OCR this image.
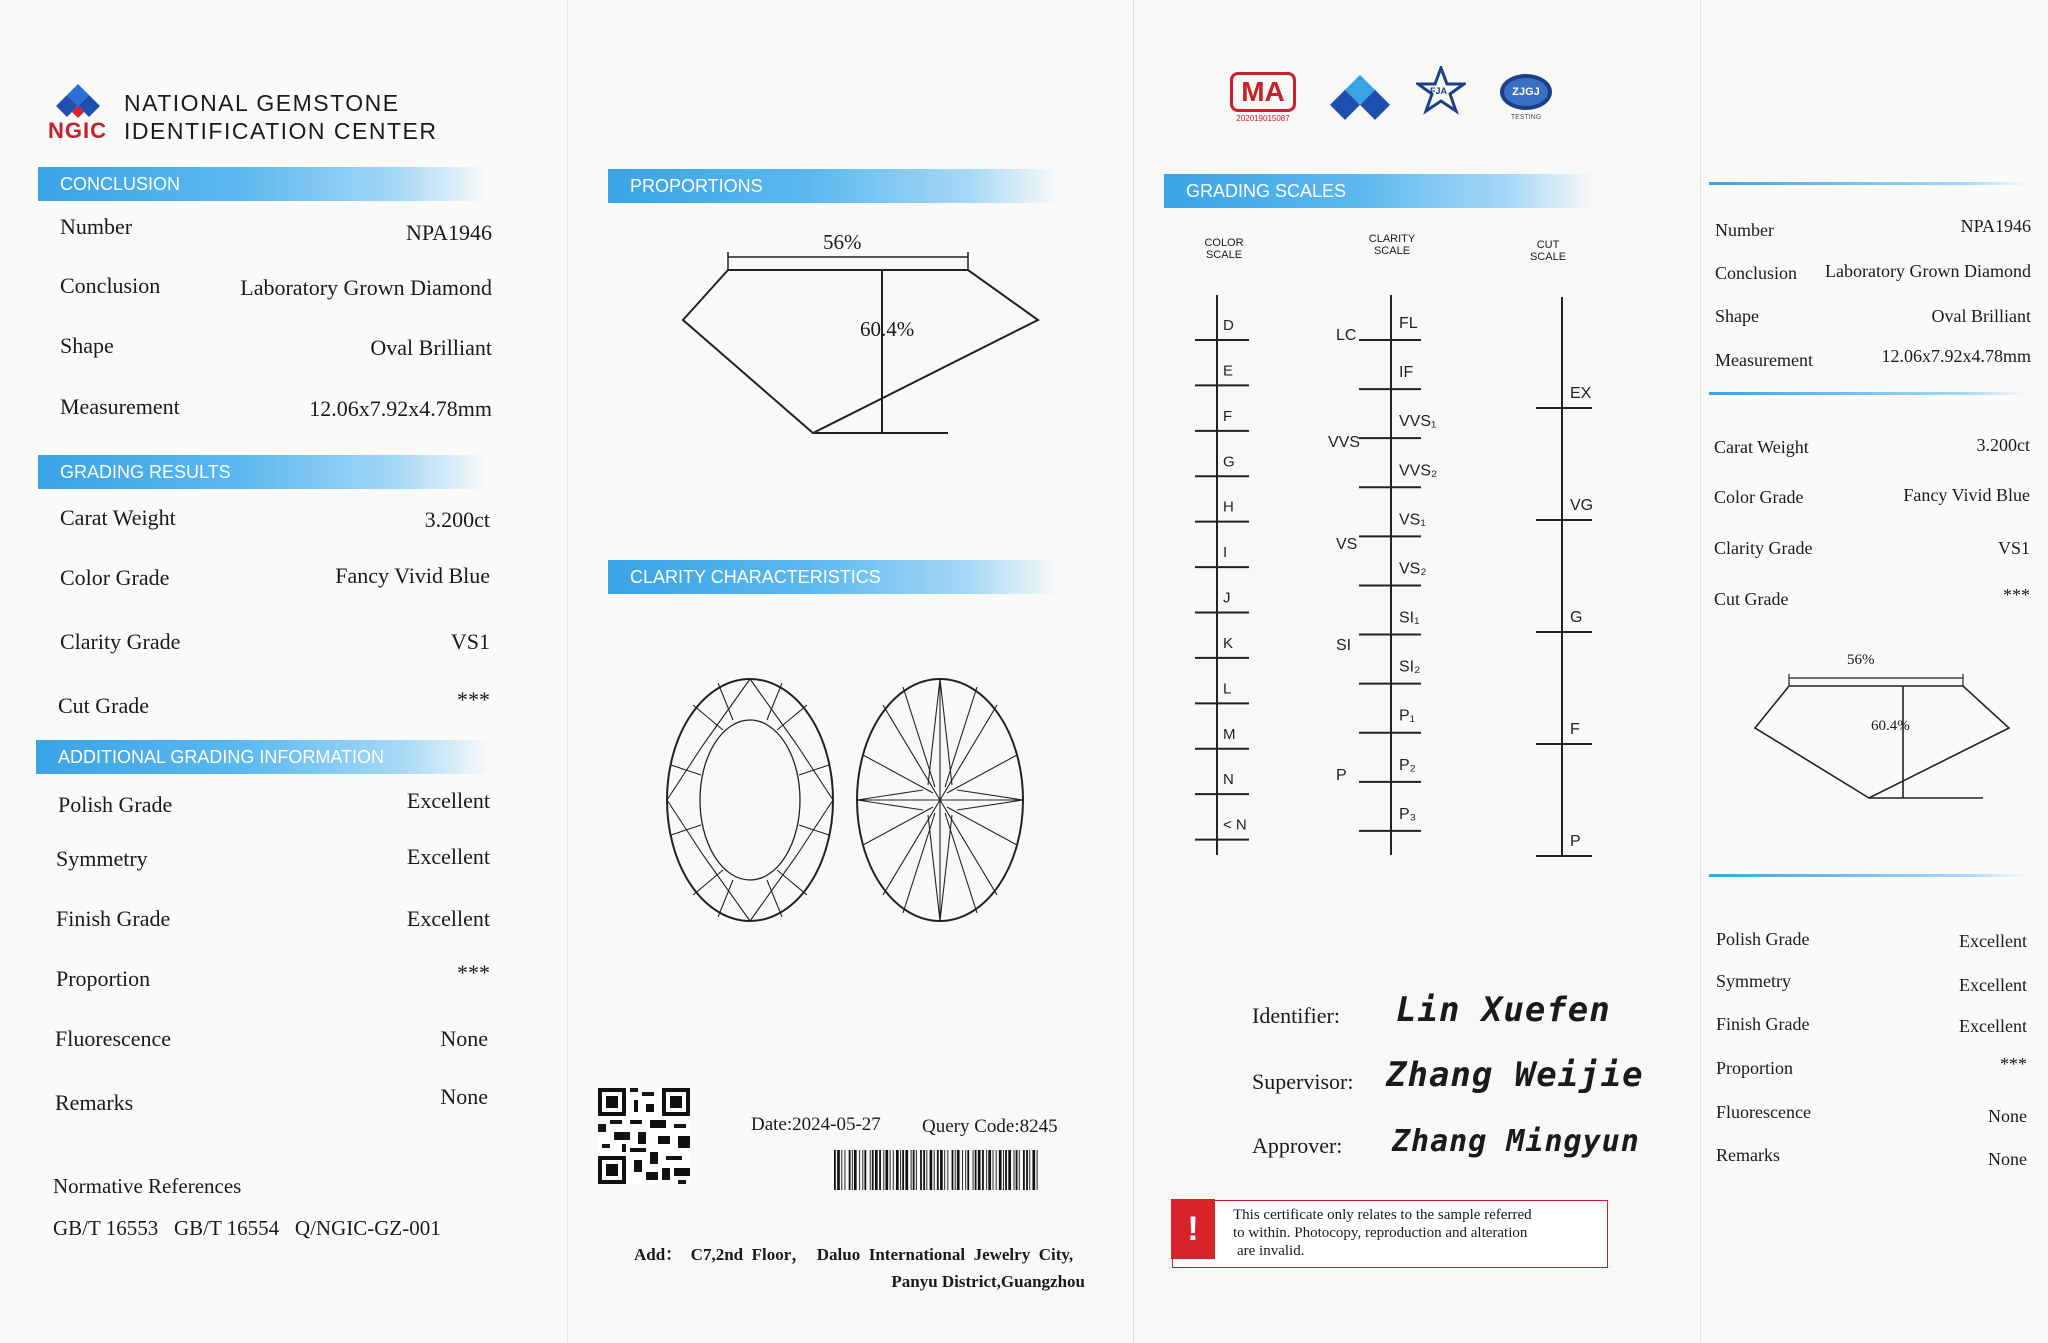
NGIC
NATIONAL GEMSTONE
IDENTIFICATION CENTER
CONCLUSION
Number	NPA1946
Conclusion	Laboratory Grown Diamond
Shape	Oval Brilliant
Measurement	12.06x7.92x4.78mm
GRADING RESULTS
Carat Weight	3.200ct
Color Grade	Fancy Vivid Blue
Clarity Grade	VS1
Cut Grade	***
ADDITIONAL GRADING INFORMATION
Polish Grade	Excellent
Symmetry	Excellent
Finish Grade	Excellent
Proportion	***
Fluorescence	None
Remarks	None
Normative References
GB/T 16553   GB/T 16554   Q/NGIC-GZ-001
PROPORTIONS
56%
60.4%
CLARITY CHARACTERISTICS
Date:2024-05-27 Query Code:8245
Add：  C7,2nd  Floor，  Daluo  International  Jewelry  City,
Panyu District,Guangzhou
MA
202019015087
FJA	ZJGJ
TESTING
GRADING SCALES
COLOR
SCALE
CLARITY
SCALE	CUT
SCALE
D
E
F
G
H
I
J
K
L
M
N
< N
FL
IF
VVS₁
VVS₂
VS₁
VS₂
SI₁
SI₂
P₁
P₂
P₃
LC
VVS
VS
SI
P
EX
VG
G
F
P
Identifier: Lin Xuefen
Supervisor: Zhang Weijie
Approver: Zhang Mingyun
!	This certificate only relates to the sample referred
to within. Photocopy, reproduction and alteration
are invalid.
Number	NPA1946
Conclusion Laboratory Grown Diamond
Shape	Oval Brilliant
Measurement	12.06x7.92x4.78mm
Carat Weight	3.200ct
Color Grade	Fancy Vivid Blue
Clarity Grade	VS1
Cut Grade	***
56%
60.4%
Polish Grade	Excellent
Symmetry	Excellent
Finish Grade	Excellent
Proportion	***
Fluorescence	None
Remarks	None
